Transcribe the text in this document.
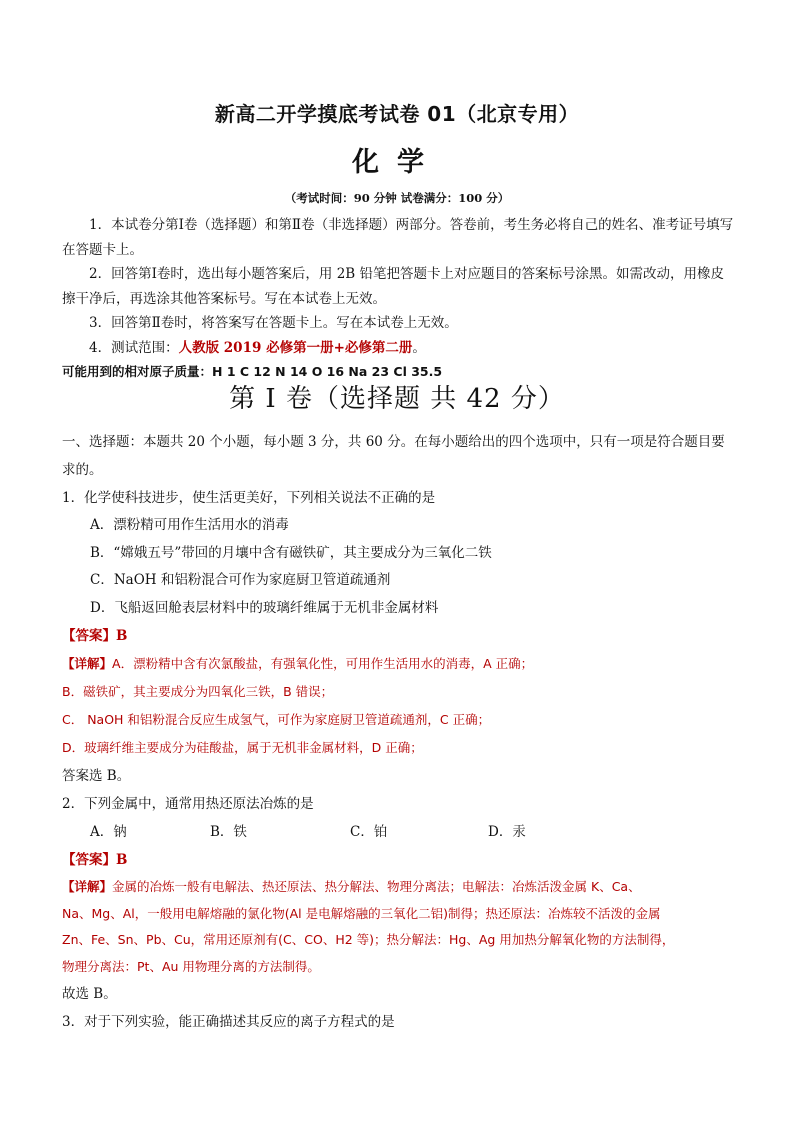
新高二开学摸底考试卷 01（北京专用）
化学
（考试时间：90 分钟 试卷满分：100 分）

1．本试卷分第Ⅰ卷（选择题）和第Ⅱ卷（非选择题）两部分。答卷前，考生务必将自己的姓名、准考证号填写在答题卡上。

2．回答第Ⅰ卷时，选出每小题答案后，用 2B 铅笔把答题卡上对应题目的答案标号涂黑。如需改动，用橡皮擦干净后，再选涂其他答案标号。写在本试卷上无效。

3．回答第Ⅱ卷时，将答案写在答题卡上。写在本试卷上无效。

4．测试范围：人教版 2019 必修第一册+必修第二册。

可能用到的相对原子质量：H 1 C 12 N 14 O 16 Na 23 Cl 35.5

第 I 卷（选择题 共 42 分）

一、选择题：本题共 20 个小题，每小题 3 分，共 60 分。在每小题给出的四个选项中，只有一项是符合题目要求的。

1．化学使科技进步，使生活更美好，下列相关说法不正确的是

A．漂粉精可用作生活用水的消毒

B．“嫦娥五号”带回的月壤中含有磁铁矿，其主要成分为三氧化二铁

C．NaOH 和铝粉混合可作为家庭厨卫管道疏通剂

D．飞船返回舱表层材料中的玻璃纤维属于无机非金属材料

【答案】B

【详解】A．漂粉精中含有次氯酸盐，有强氧化性，可用作生活用水的消毒，A 正确；

B．磁铁矿，其主要成分为四氧化三铁，B 错误；

C． NaOH 和铝粉混合反应生成氢气，可作为家庭厨卫管道疏通剂，C 正确；

D．玻璃纤维主要成分为硅酸盐，属于无机非金属材料，D 正确；

答案选 B。

2．下列金属中，通常用热还原法冶炼的是

A．钠	B．铁	C．铂	D．汞

【答案】B

【详解】金属的冶炼一般有电解法、热还原法、热分解法、物理分离法；电解法：冶炼活泼金属 K、Ca、

Na、Mg、Al，一般用电解熔融的氯化物(Al 是电解熔融的三氧化二铝)制得；热还原法：冶炼较不活泼的金属

Zn、Fe、Sn、Pb、Cu，常用还原剂有(C、CO、H2 等)；热分解法：Hg、Ag 用加热分解氧化物的方法制得，

物理分离法：Pt、Au 用物理分离的方法制得。

故选 B。

3．对于下列实验，能正确描述其反应的离子方程式的是
